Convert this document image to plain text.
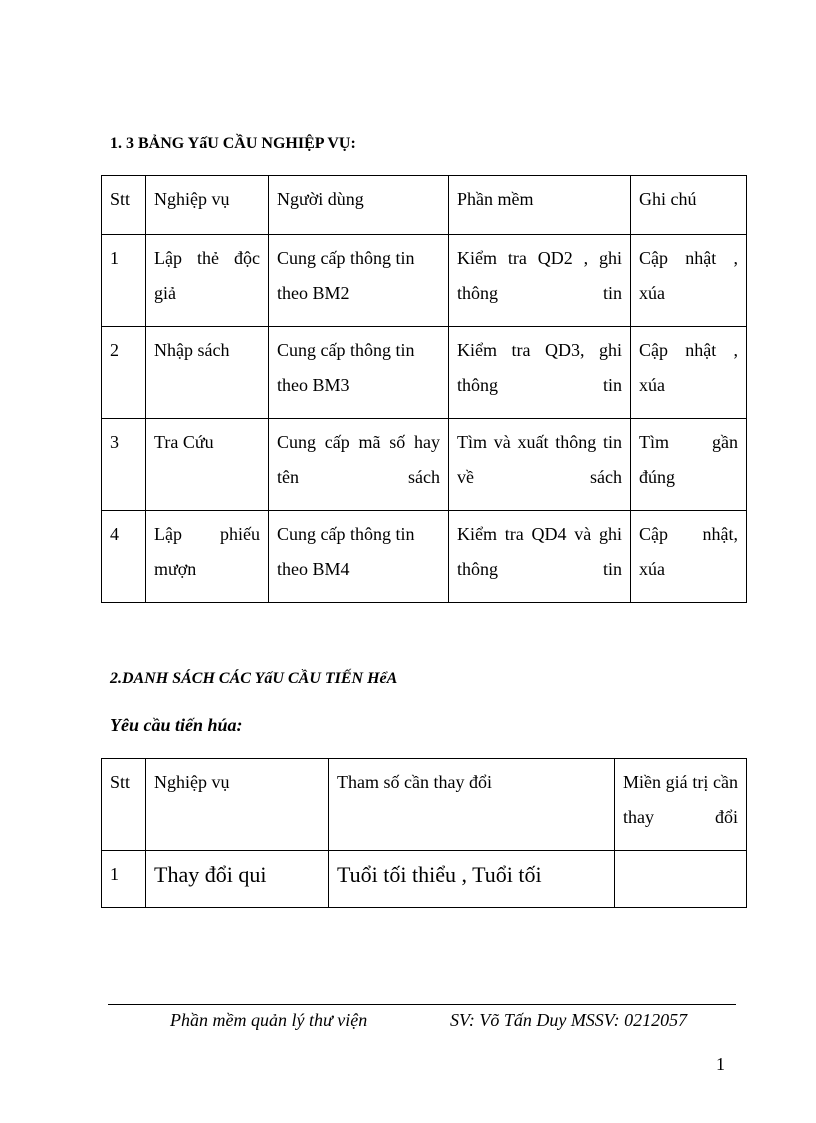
1. 3 BẢNG YấU CẦU NGHIỆP VỤ:
Stt	Nghiệp vụ	Người dùng	Phần mềm	Ghi chú
1	Lập thẻ độc giả	Cung cấp thông tin theo BM2	Kiểm tra QD2 , ghi thông tin	Cập nhật , xúa
2	Nhập sách	Cung cấp thông tin theo BM3	Kiểm tra QD3, ghi thông tin	Cập nhật , xúa
3	Tra Cứu	Cung cấp mã số hay tên sách	Tìm và xuất thông tin về sách	Tìm gần đúng
4	Lập phiếu mượn	Cung cấp thông tin theo BM4	Kiểm tra QD4 và ghi thông tin	Cập nhật, xúa
2.DANH SÁCH CÁC YấU CẦU TIẾN HểA
Yêu cầu tiến húa:
Stt	Nghiệp vụ	Tham số cần thay đổi	Miền giá trị cần thay đổi
1	Thay đổi qui	Tuổi tối thiểu , Tuổi tối	
Phần mềm quản lý thư viện	SV: Võ Tấn Duy MSSV: 0212057
1
